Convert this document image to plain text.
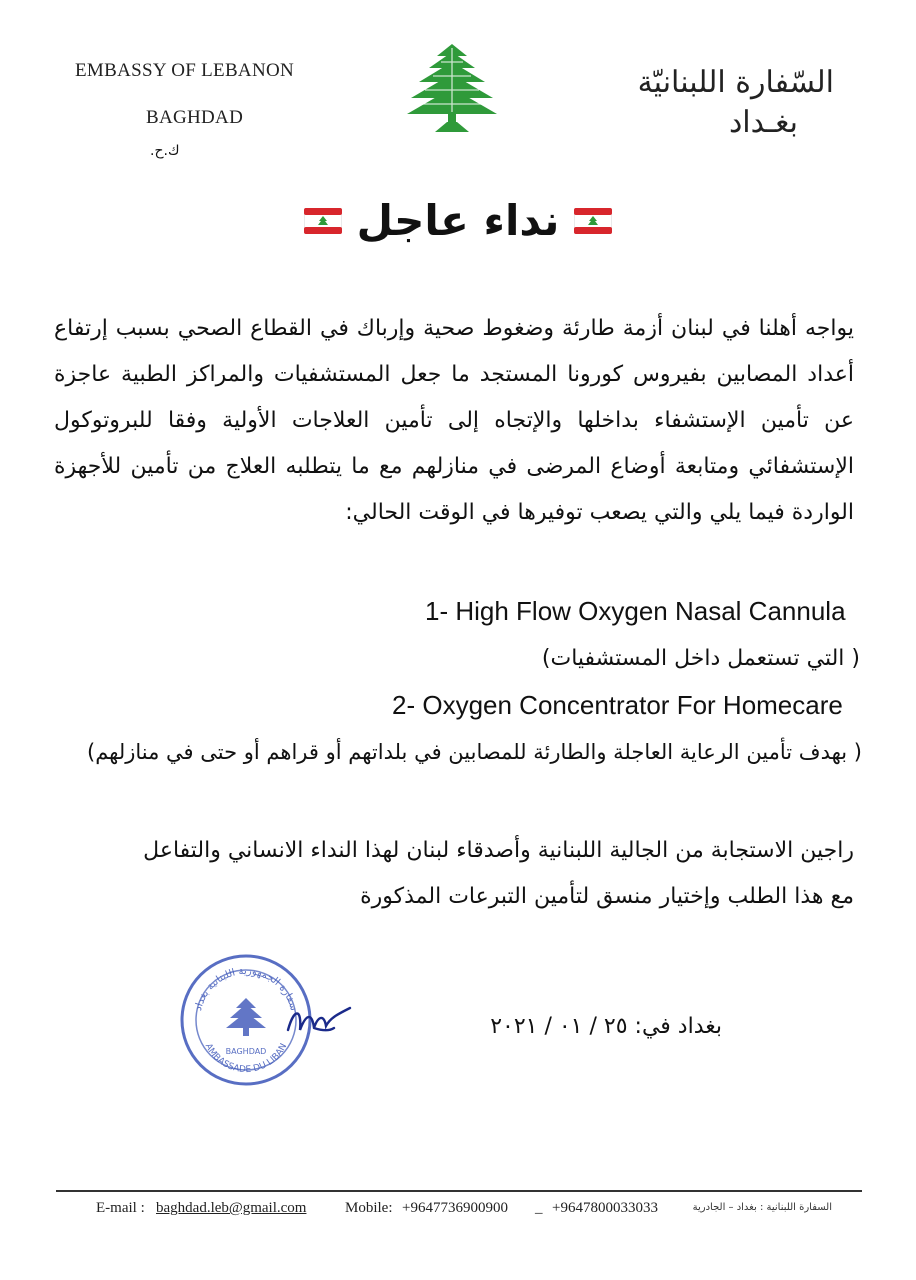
EMBASSY OF LEBANON
BAGHDAD
ك.ح.
السّفارة اللبنانيّة
بغـداد
نداء عاجل
يواجه أهلنا في لبنان أزمة طارئة وضغوط صحية وإرباك في القطاع الصحي بسبب إرتفاع أعداد المصابين بفيروس كورونا المستجد ما جعل المستشفيات والمراكز الطبية عاجزة عن تأمين الإستشفاء بداخلها والإتجاه إلى تأمين العلاجات الأولية وفقا للبروتوكول الإستشفائي ومتابعة أوضاع المرضى في منازلهم مع ما يتطلبه العلاج من تأمين للأجهزة الواردة فيما يلي والتي يصعب توفيرها في الوقت الحالي:
1- High Flow Oxygen Nasal Cannula
( التي تستعمل داخل المستشفيات)
2- Oxygen Concentrator For Homecare
( بهدف تأمين الرعاية العاجلة والطارئة للمصابين في بلداتهم أو قراهم أو حتى في منازلهم)
راجين الاستجابة من الجالية اللبنانية وأصدقاء لبنان لهذا النداء الانساني والتفاعل
مع هذا الطلب وإختيار منسق لتأمين التبرعات المذكورة
سفارة الجمهورية اللبنانية بغداد
AMBASSADE DU LIBAN
BAGHDAD
بغداد في: ٢٥ / ٠١ / ٢٠٢١
E-mail : baghdad.leb@gmail.com	Mobile: +9647736900900 _ +9647800033033	السفارة اللبنانية : بغداد – الجادرية
